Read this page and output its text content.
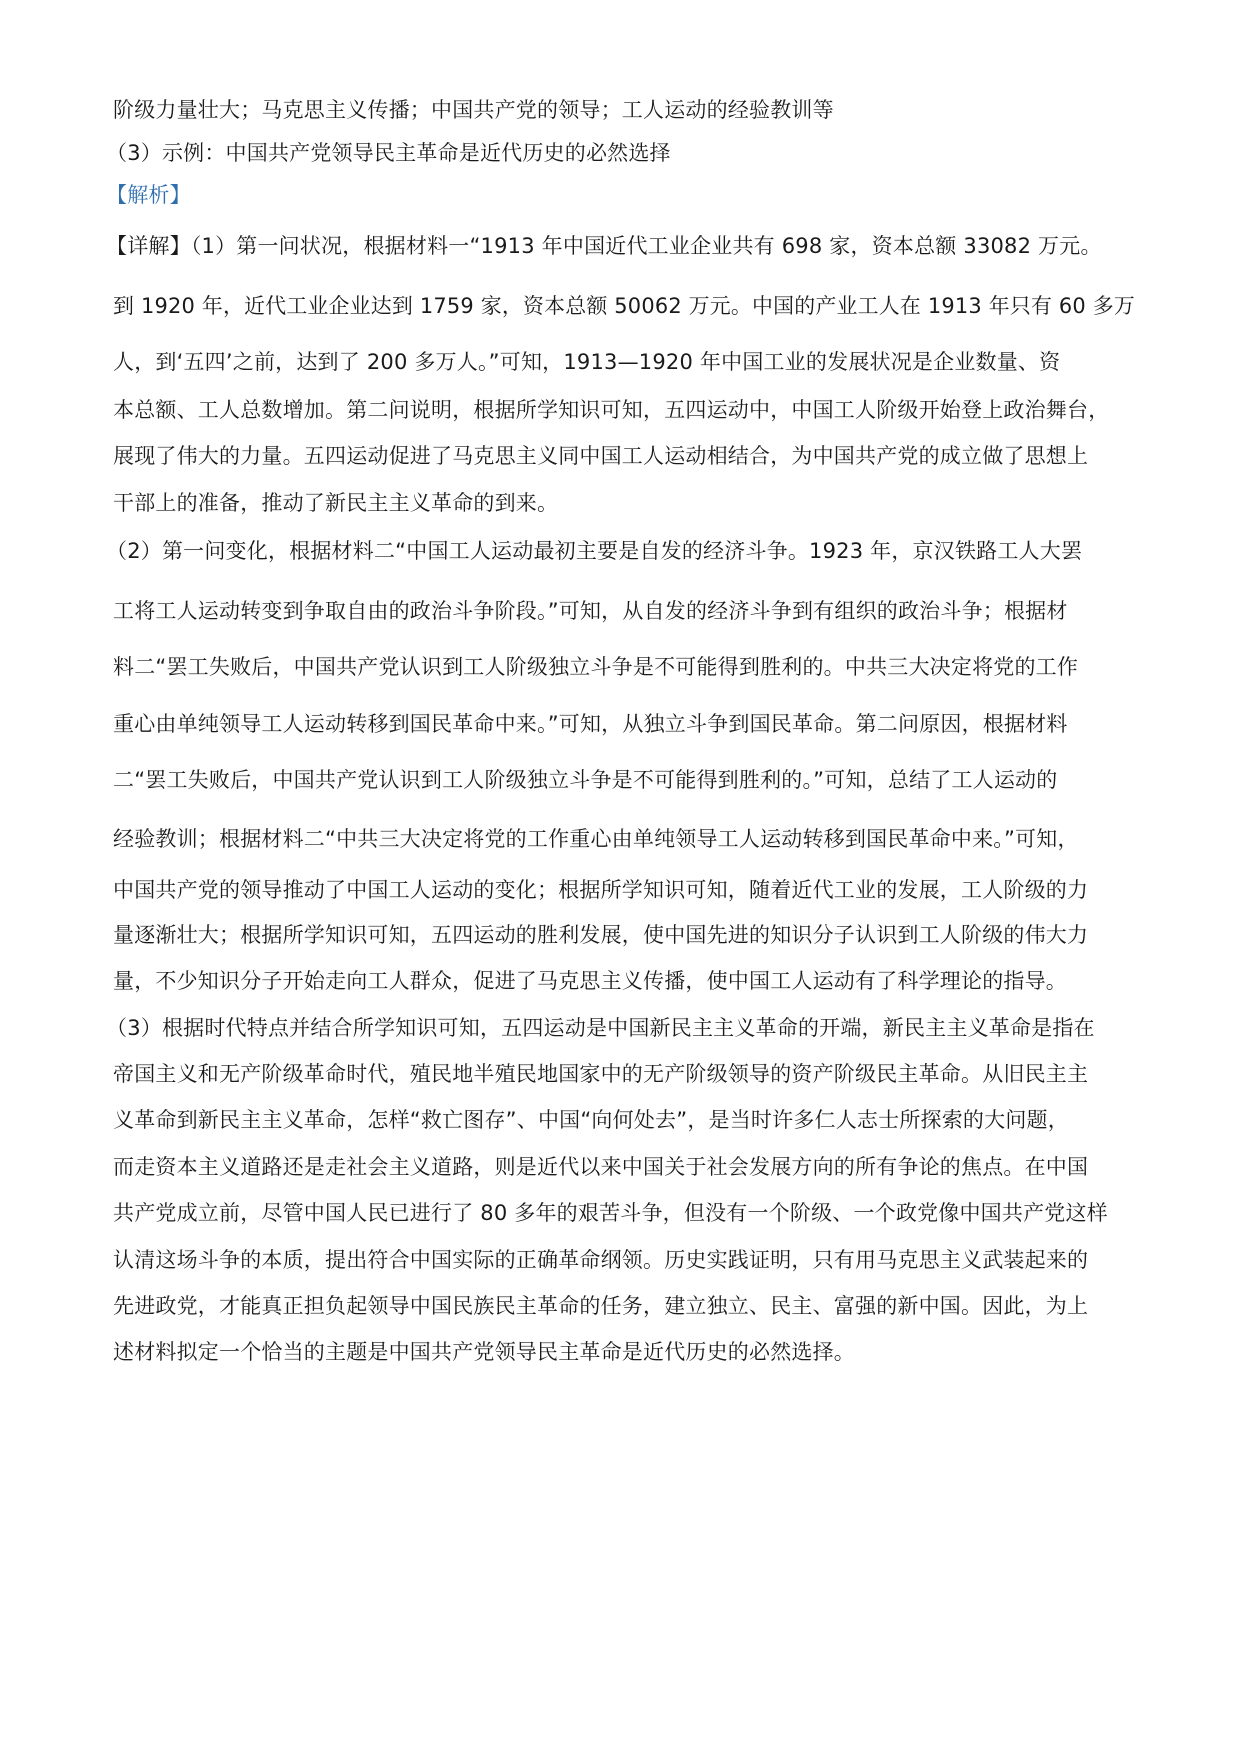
阶级力量壮大；马克思主义传播；中国共产党的领导；工人运动的经验教训等
（3）示例：中国共产党领导民主革命是近代历史的必然选择
【解析】
【详解】（1）第一问状况，根据材料一“1913 年中国近代工业企业共有 698 家，资本总额 33082 万元。
到 1920 年，近代工业企业达到 1759 家，资本总额 50062 万元。中国的产业工人在 1913 年只有 60 多万
人，到‘五四’之前，达到了 200 多万人。”可知，1913—1920 年中国工业的发展状况是企业数量、资
本总额、工人总数增加。第二问说明，根据所学知识可知，五四运动中，中国工人阶级开始登上政治舞台，
展现了伟大的力量。五四运动促进了马克思主义同中国工人运动相结合，为中国共产党的成立做了思想上
干部上的准备，推动了新民主主义革命的到来。
（2）第一问变化，根据材料二“中国工人运动最初主要是自发的经济斗争。1923 年，京汉铁路工人大罢
工将工人运动转变到争取自由的政治斗争阶段。”可知，从自发的经济斗争到有组织的政治斗争；根据材
料二“罢工失败后，中国共产党认识到工人阶级独立斗争是不可能得到胜利的。中共三大决定将党的工作
重心由单纯领导工人运动转移到国民革命中来。”可知，从独立斗争到国民革命。第二问原因，根据材料
二“罢工失败后，中国共产党认识到工人阶级独立斗争是不可能得到胜利的。”可知，总结了工人运动的
经验教训；根据材料二“中共三大决定将党的工作重心由单纯领导工人运动转移到国民革命中来。”可知，
中国共产党的领导推动了中国工人运动的变化；根据所学知识可知，随着近代工业的发展，工人阶级的力
量逐渐壮大；根据所学知识可知，五四运动的胜利发展，使中国先进的知识分子认识到工人阶级的伟大力
量，不少知识分子开始走向工人群众，促进了马克思主义传播，使中国工人运动有了科学理论的指导。
（3）根据时代特点并结合所学知识可知，五四运动是中国新民主主义革命的开端，新民主主义革命是指在
帝国主义和无产阶级革命时代，殖民地半殖民地国家中的无产阶级领导的资产阶级民主革命。从旧民主主
义革命到新民主主义革命，怎样“救亡图存”、中国“向何处去”，是当时许多仁人志士所探索的大问题，
而走资本主义道路还是走社会主义道路，则是近代以来中国关于社会发展方向的所有争论的焦点。在中国
共产党成立前，尽管中国人民已进行了 80 多年的艰苦斗争，但没有一个阶级、一个政党像中国共产党这样
认清这场斗争的本质，提出符合中国实际的正确革命纲领。历史实践证明，只有用马克思主义武装起来的
先进政党，才能真正担负起领导中国民族民主革命的任务，建立独立、民主、富强的新中国。因此，为上
述材料拟定一个恰当的主题是中国共产党领导民主革命是近代历史的必然选择。
